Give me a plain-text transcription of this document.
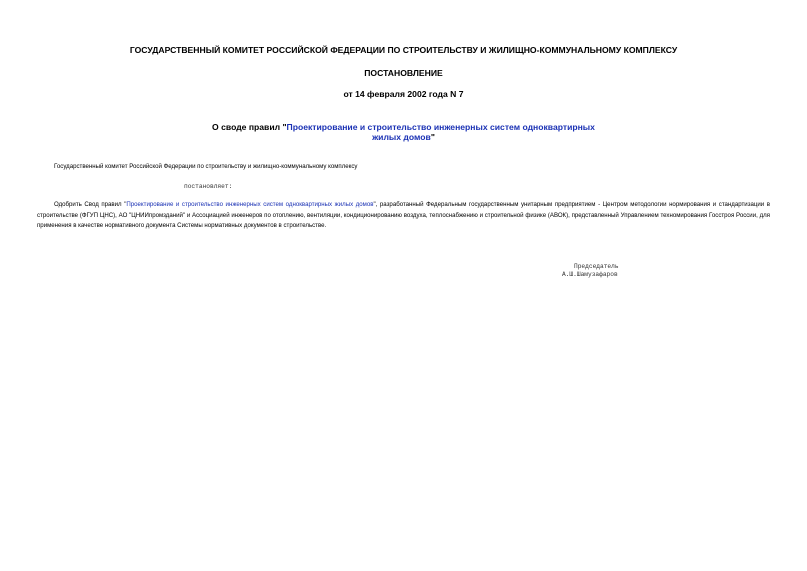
ГОСУДАРСТВЕННЫЙ КОМИТЕТ РОССИЙСКОЙ ФЕДЕРАЦИИ ПО СТРОИТЕЛЬСТВУ И ЖИЛИЩНО-КОММУНАЛЬНОМУ КОМПЛЕКСУ
ПОСТАНОВЛЕНИЕ
от 14 февраля 2002 года N 7
О своде правил "Проектирование и строительство инженерных систем одноквартирных жилых домов"
Государственный комитет Российской Федерации по строительству и жилищно-коммунальному комплексу
постановляет:
Одобрить Свод правил "Проектирование и строительство инженерных систем одноквартирных жилых домов", разработанный Федеральным государственным унитарным предприятием - Центром методологии нормирования и стандартизации в строительстве (ФГУП ЦНС), АО "ЦНИИпромзданий" и Ассоциацией инженеров по отоплению, вентиляции, кондиционированию воздуха, теплоснабжению и строительной физике (АВОК), представленный Управлением техномирования Госстроя России, для применения в качестве нормативного документа Системы нормативных документов в строительстве.
Председатель
А.Ш.Шамузафаров
